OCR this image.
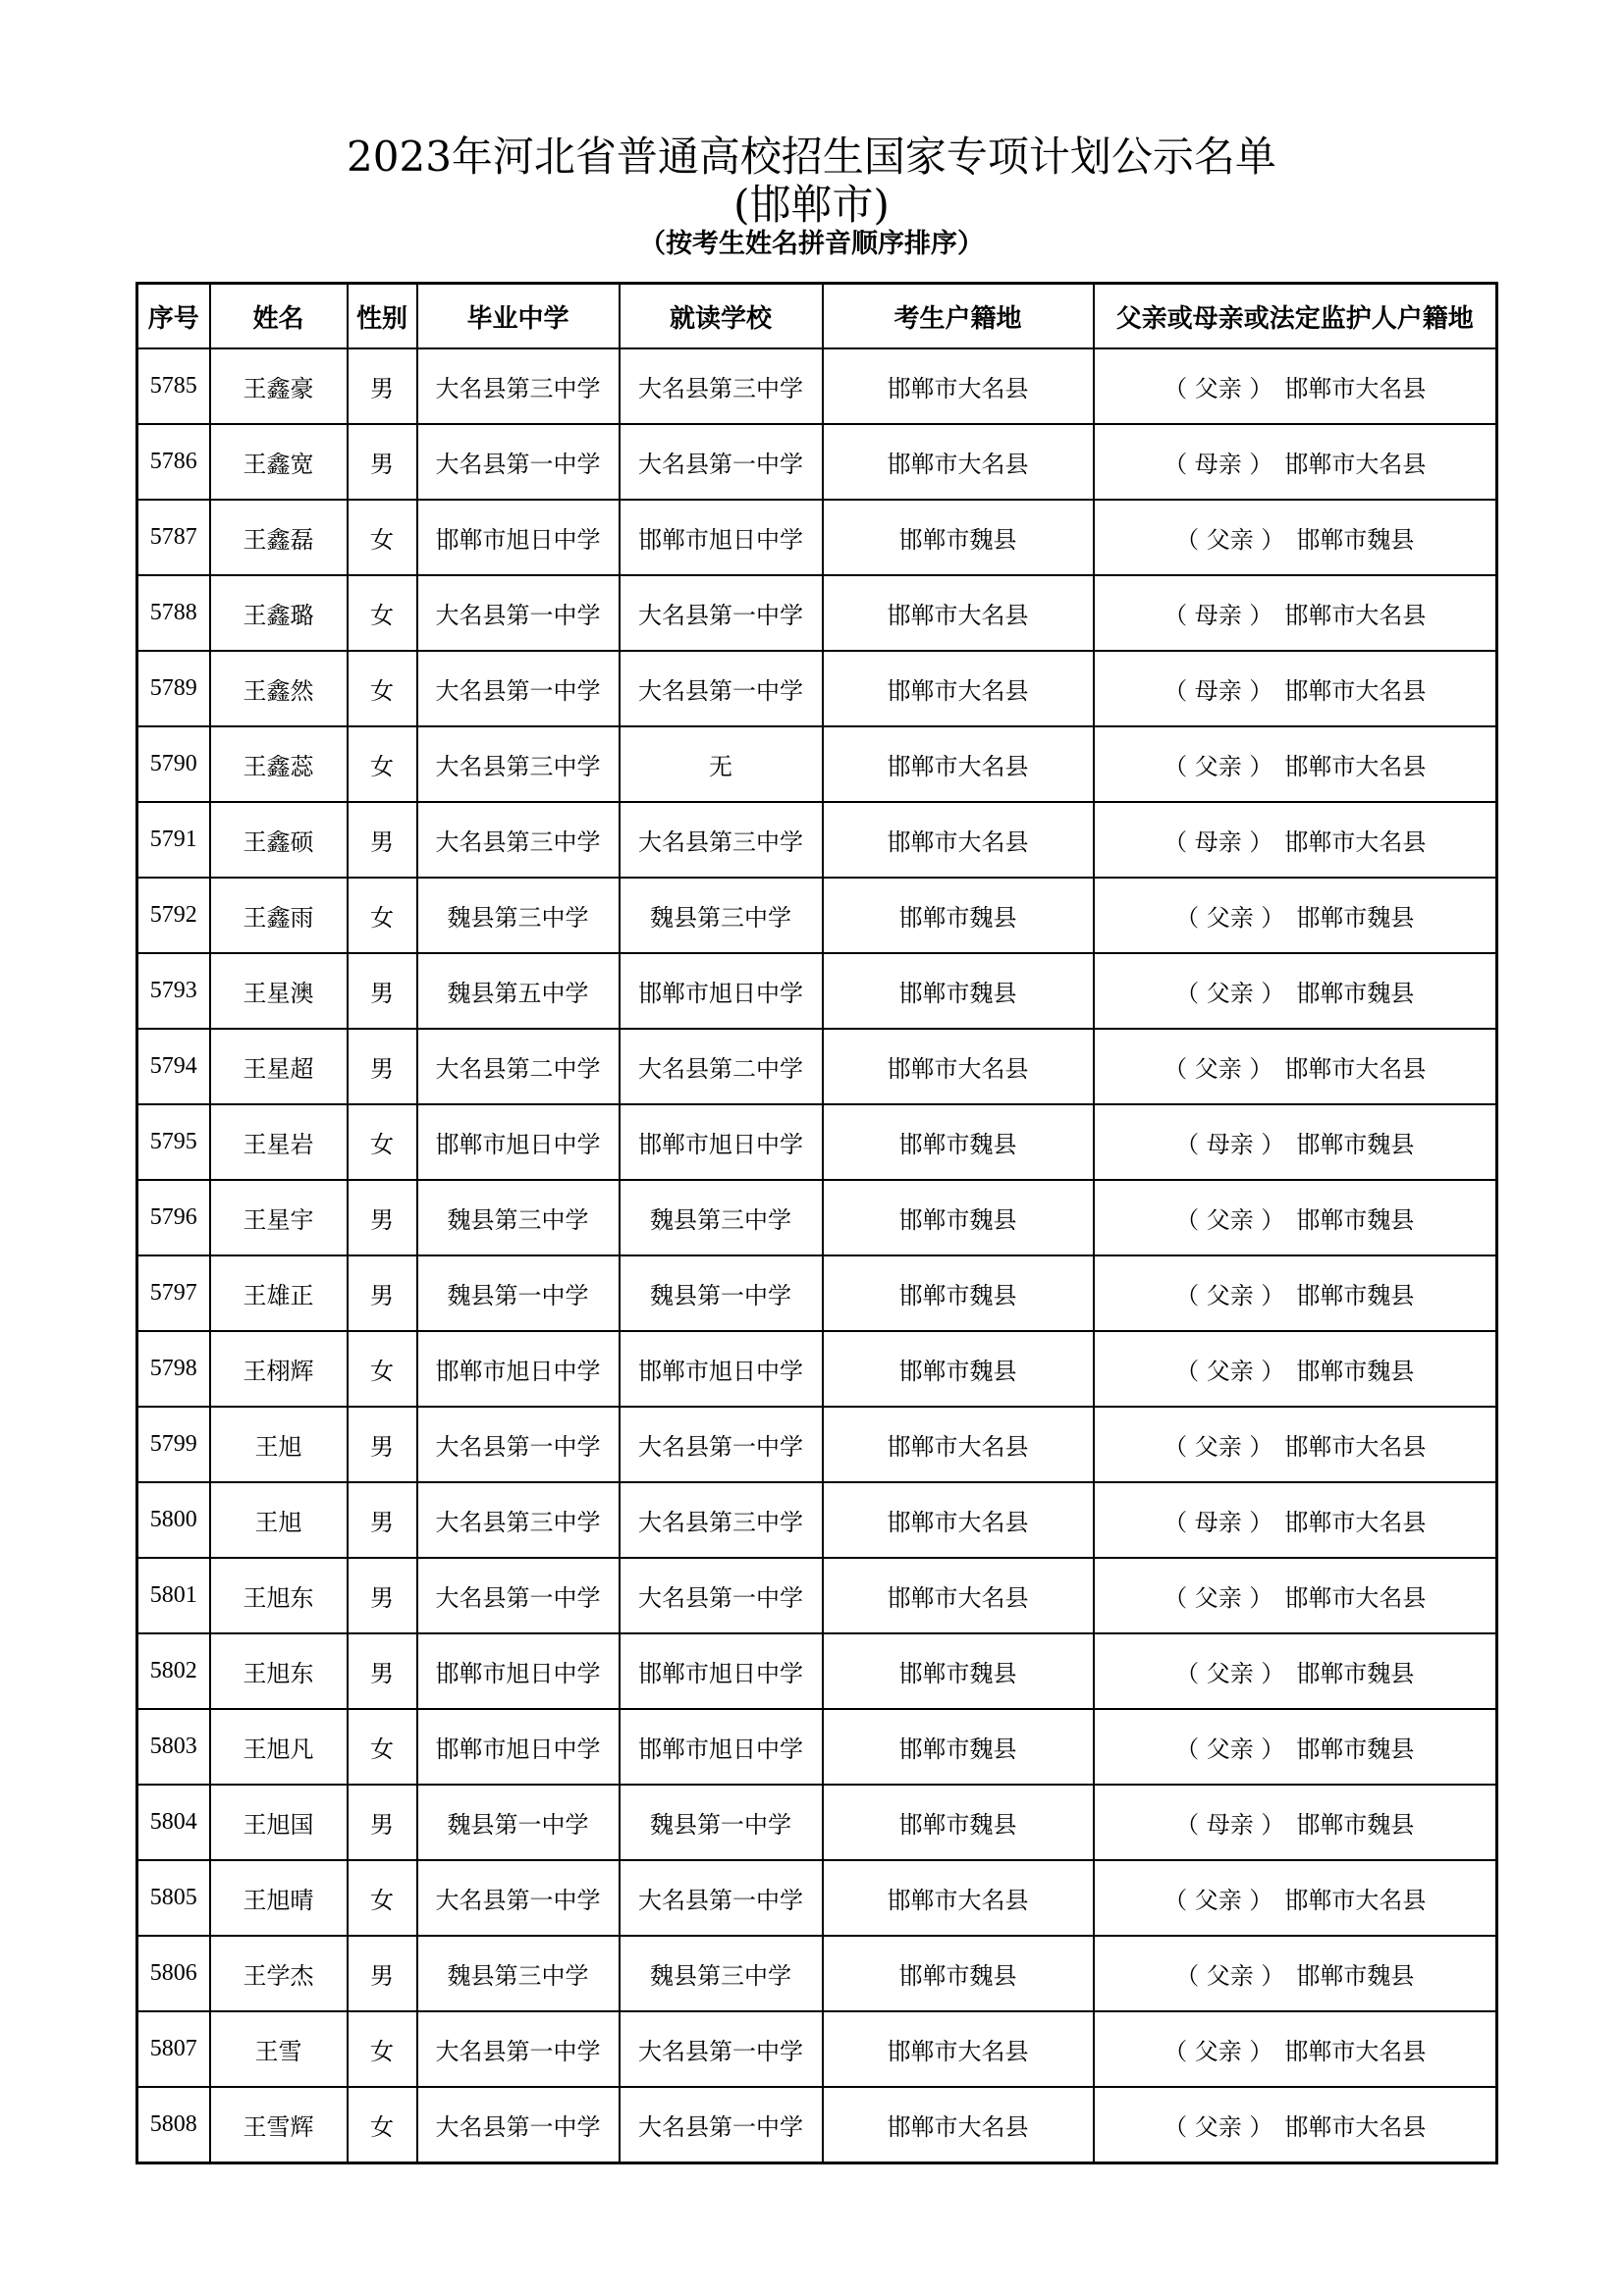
2023年河北省普通高校招生国家专项计划公示名单
(邯郸市)
（按考生姓名拼音顺序排序）
序号	姓名	性别	毕业中学	就读学校	考生户籍地	父亲或母亲或法定监护人户籍地
5785	王鑫豪	男	大名县第三中学	大名县第三中学	邯郸市大名县	（ 父亲 ） 邯郸市大名县
5786	王鑫宽	男	大名县第一中学	大名县第一中学	邯郸市大名县	（ 母亲 ） 邯郸市大名县
5787	王鑫磊	女	邯郸市旭日中学	邯郸市旭日中学	邯郸市魏县	（ 父亲 ） 邯郸市魏县
5788	王鑫璐	女	大名县第一中学	大名县第一中学	邯郸市大名县	（ 母亲 ） 邯郸市大名县
5789	王鑫然	女	大名县第一中学	大名县第一中学	邯郸市大名县	（ 母亲 ） 邯郸市大名县
5790	王鑫蕊	女	大名县第三中学	无	邯郸市大名县	（ 父亲 ） 邯郸市大名县
5791	王鑫硕	男	大名县第三中学	大名县第三中学	邯郸市大名县	（ 母亲 ） 邯郸市大名县
5792	王鑫雨	女	魏县第三中学	魏县第三中学	邯郸市魏县	（ 父亲 ） 邯郸市魏县
5793	王星澳	男	魏县第五中学	邯郸市旭日中学	邯郸市魏县	（ 父亲 ） 邯郸市魏县
5794	王星超	男	大名县第二中学	大名县第二中学	邯郸市大名县	（ 父亲 ） 邯郸市大名县
5795	王星岩	女	邯郸市旭日中学	邯郸市旭日中学	邯郸市魏县	（ 母亲 ） 邯郸市魏县
5796	王星宇	男	魏县第三中学	魏县第三中学	邯郸市魏县	（ 父亲 ） 邯郸市魏县
5797	王雄正	男	魏县第一中学	魏县第一中学	邯郸市魏县	（ 父亲 ） 邯郸市魏县
5798	王栩辉	女	邯郸市旭日中学	邯郸市旭日中学	邯郸市魏县	（ 父亲 ） 邯郸市魏县
5799	王旭	男	大名县第一中学	大名县第一中学	邯郸市大名县	（ 父亲 ） 邯郸市大名县
5800	王旭	男	大名县第三中学	大名县第三中学	邯郸市大名县	（ 母亲 ） 邯郸市大名县
5801	王旭东	男	大名县第一中学	大名县第一中学	邯郸市大名县	（ 父亲 ） 邯郸市大名县
5802	王旭东	男	邯郸市旭日中学	邯郸市旭日中学	邯郸市魏县	（ 父亲 ） 邯郸市魏县
5803	王旭凡	女	邯郸市旭日中学	邯郸市旭日中学	邯郸市魏县	（ 父亲 ） 邯郸市魏县
5804	王旭国	男	魏县第一中学	魏县第一中学	邯郸市魏县	（ 母亲 ） 邯郸市魏县
5805	王旭晴	女	大名县第一中学	大名县第一中学	邯郸市大名县	（ 父亲 ） 邯郸市大名县
5806	王学杰	男	魏县第三中学	魏县第三中学	邯郸市魏县	（ 父亲 ） 邯郸市魏县
5807	王雪	女	大名县第一中学	大名县第一中学	邯郸市大名县	（ 父亲 ） 邯郸市大名县
5808	王雪辉	女	大名县第一中学	大名县第一中学	邯郸市大名县	（ 父亲 ） 邯郸市大名县
